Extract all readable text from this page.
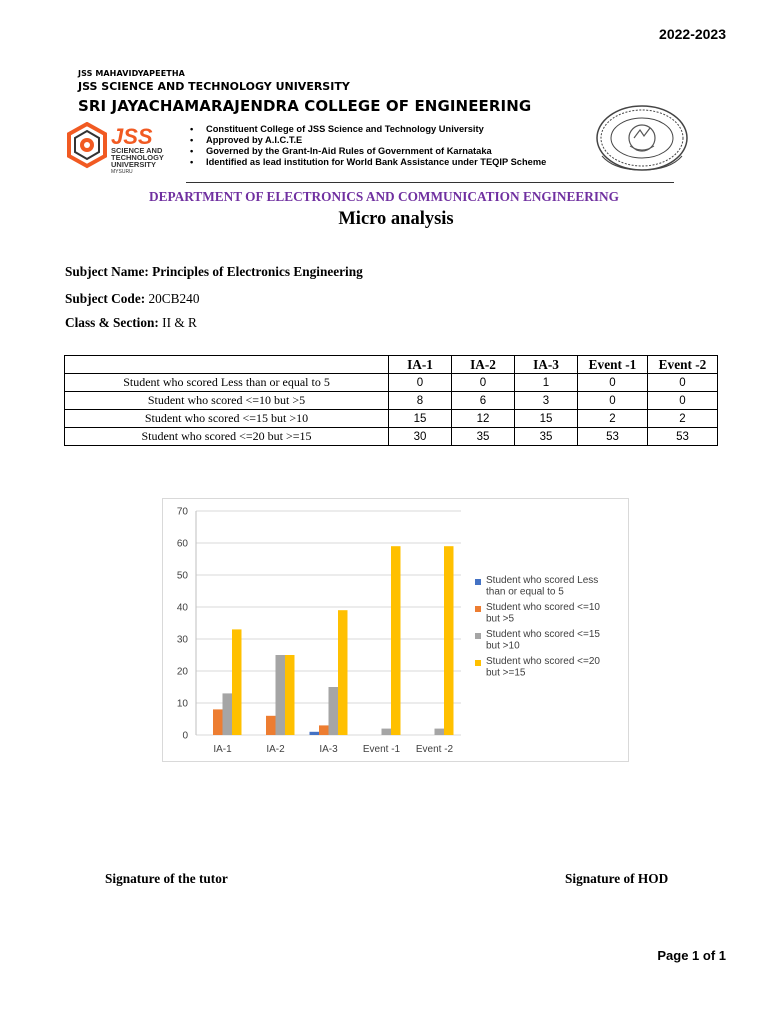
2022-2023
JSS MAHAVIDYAPEETHA
JSS SCIENCE AND TECHNOLOGY UNIVERSITY
SRI JAYACHAMARAJENDRA COLLEGE OF ENGINEERING
JSS
SCIENCE AND
TECHNOLOGY
UNIVERSITY
MYSURU
• Constituent College of JSS Science and Technology University
• Approved by A.I.C.T.E
• Governed by the Grant-In-Aid Rules of Government of Karnataka
• Identified as lead institution for World Bank Assistance under TEQIP Scheme
DEPARTMENT OF ELECTRONICS AND COMMUNICATION ENGINEERING
Micro analysis
Subject Name: Principles of Electronics Engineering
Subject Code: 20CB240
Class & Section: II & R
	IA-1	IA-2	IA-3	Event -1	Event -2
Student who scored Less than or equal to 5	0	0	1	0	0
Student who scored <=10 but >5	8	6	3	0	0
Student who scored <=15 but >10	15	12	15	2	2
Student who scored <=20 but >=15	30	35	35	53	53
0
10
20
30
40
50
60
70
IA-1	IA-2	IA-3	Event -1 Event -2
Student who scored Less than or equal to 5
Student who scored <=10 but >5
Student who scored <=15 but >10
Student who scored <=20 but >=15
Signature of the tutor	Signature of HOD
Page 1 of 1
